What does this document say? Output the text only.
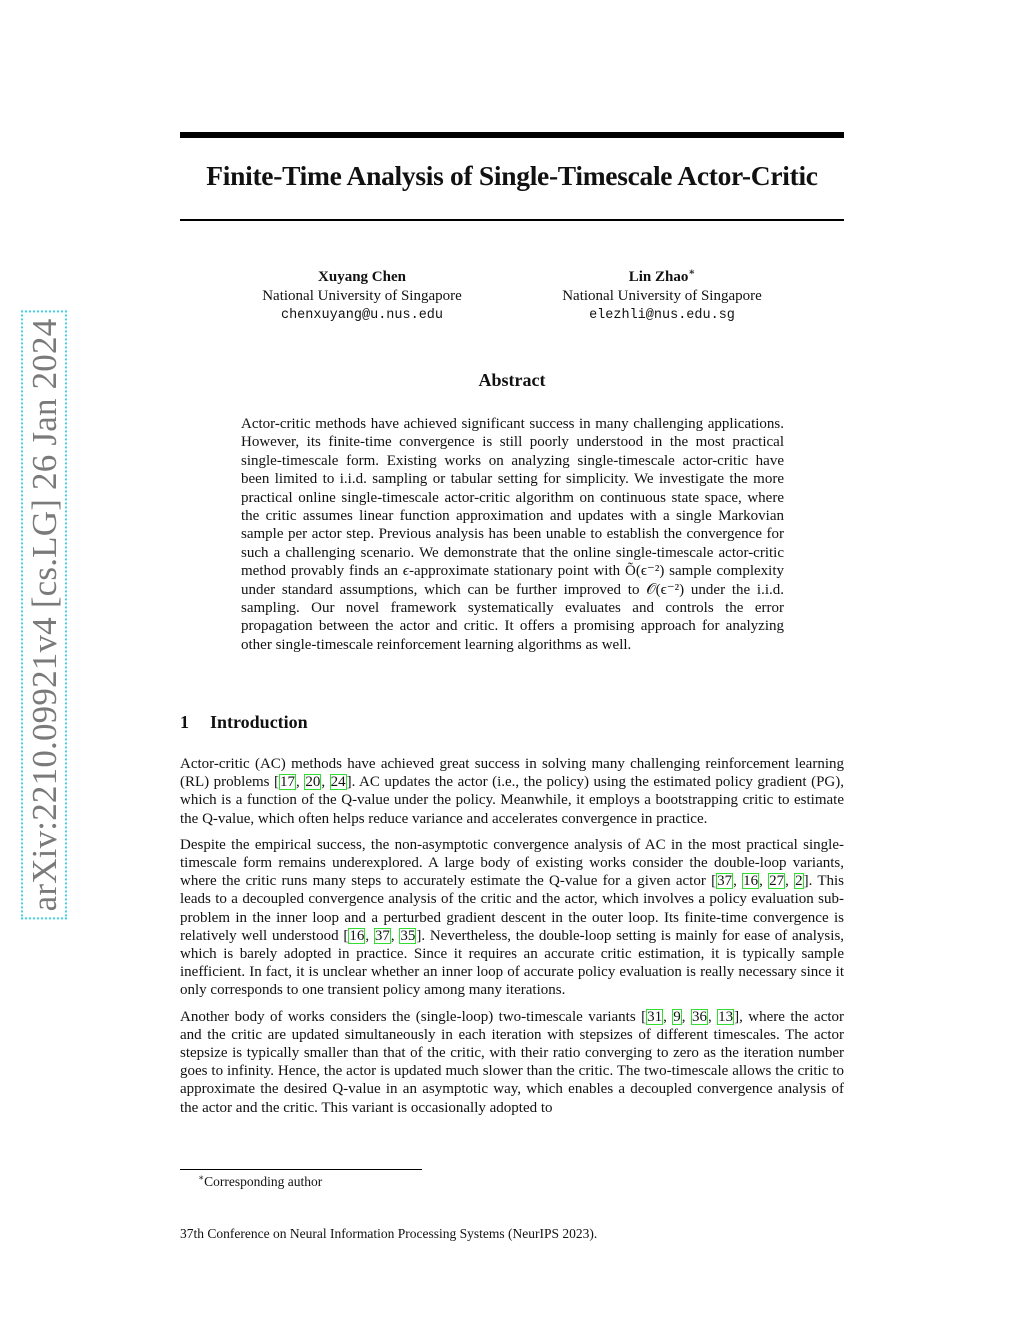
arXiv:2210.09921v4 [cs.LG] 26 Jan 2024
Finite-Time Analysis of Single-Timescale Actor-Critic
Xuyang Chen
National University of Singapore
chenxuyang@u.nus.edu
Lin Zhao∗
National University of Singapore
elezhli@nus.edu.sg
Abstract

Actor-critic methods have achieved significant success in many challenging applications. However, its finite-time convergence is still poorly understood in the most practical single-timescale form. Existing works on analyzing single-timescale actor-critic have been limited to i.i.d. sampling or tabular setting for simplicity. We investigate the more practical online single-timescale actor-critic algorithm on continuous state space, where the critic assumes linear function approximation and updates with a single Markovian sample per actor step. Previous analysis has been unable to establish the convergence for such a challenging scenario. We demonstrate that the online single-timescale actor-critic method provably finds an ϵ-approximate stationary point with Õ(ϵ⁻²) sample complexity under standard assumptions, which can be further improved to 𝒪(ϵ⁻²) under the i.i.d. sampling. Our novel framework systematically evaluates and controls the error propagation between the actor and critic. It offers a promising approach for analyzing other single-timescale reinforcement learning algorithms as well.

1 Introduction

Actor-critic (AC) methods have achieved great success in solving many challenging reinforcement learning (RL) problems [17, 20, 24]. AC updates the actor (i.e., the policy) using the estimated policy gradient (PG), which is a function of the Q-value under the policy. Meanwhile, it employs a bootstrapping critic to estimate the Q-value, which often helps reduce variance and accelerates convergence in practice.

Despite the empirical success, the non-asymptotic convergence analysis of AC in the most practical single-timescale form remains underexplored. A large body of existing works consider the double-loop variants, where the critic runs many steps to accurately estimate the Q-value for a given actor [37, 16, 27, 2]. This leads to a decoupled convergence analysis of the critic and the actor, which involves a policy evaluation sub-problem in the inner loop and a perturbed gradient descent in the outer loop. Its finite-time convergence is relatively well understood [16, 37, 35]. Nevertheless, the double-loop setting is mainly for ease of analysis, which is barely adopted in practice. Since it requires an accurate critic estimation, it is typically sample inefficient. In fact, it is unclear whether an inner loop of accurate policy evaluation is really necessary since it only corresponds to one transient policy among many iterations.

Another body of works considers the (single-loop) two-timescale variants [31, 9, 36, 13], where the actor and the critic are updated simultaneously in each iteration with stepsizes of different timescales. The actor stepsize is typically smaller than that of the critic, with their ratio converging to zero as the iteration number goes to infinity. Hence, the actor is updated much slower than the critic. The two-timescale allows the critic to approximate the desired Q-value in an asymptotic way, which enables a decoupled convergence analysis of the actor and the critic. This variant is occasionally adopted to

∗Corresponding author
37th Conference on Neural Information Processing Systems (NeurIPS 2023).
